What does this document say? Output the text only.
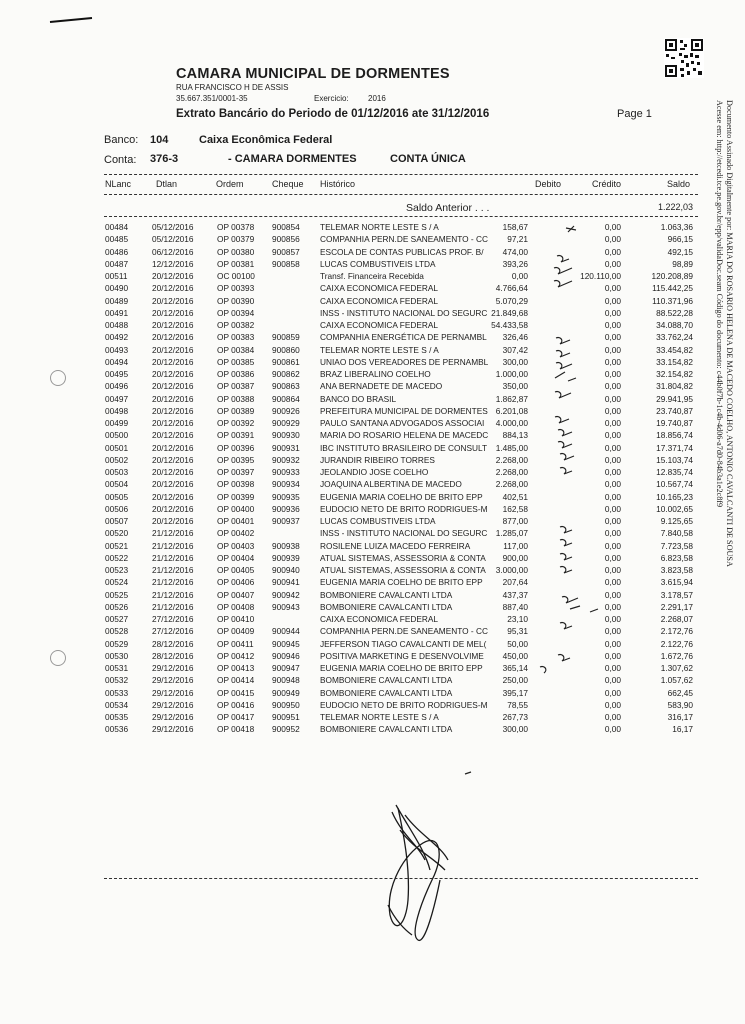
Documento Assinado Digitalmente por: MARIA DO ROSARIO HELENA DE MACEDO COELHO, ANTONIO CAVALCANTI DE SOUSA
Acesse em: http://etcedi.tce.pe.gov.br/epp/validaDoc.seam Código do documento: c44b0f7b-1c4b-4d06-a7d0-84b3a1e2c8f9
CAMARA MUNICIPAL DE DORMENTES
RUA FRANCISCO H DE ASSIS
35.667.351/0001-35	Exercicio: 2016
Extrato Bancário do Periodo de 01/12/2016 ate 31/12/2016	Page 1
Banco: 104	Caixa Econômica Federal
Conta: 376-3	- CAMARA DORMENTES	CONTA ÚNICA
NLanc	Dtlan	Ordem	Cheque Histórico	Debito	Crédito	Saldo
Saldo Anterior . . .	1.222,03
00484	05/12/2016	OP 00378 900854 TELEMAR NORTE LESTE S / A	158,67	0,00	1.063,36
00485	05/12/2016	OP 00379 900856 COMPANHIA PERN.DE SANEAMENTO - CC	97,21	0,00	966,15
00486	06/12/2016	OP 00380 900857 ESCOLA DE CONTAS PUBLICAS PROF. B/	474,00	0,00	492,15
00487	12/12/2016	OP 00381 900858 LUCAS COMBUSTIVEIS LTDA	393,26	0,00	98,89
00511	20/12/2016	OC 00100	Transf. Financeira Recebida	0,00	120.110,00	120.208,89
00490	20/12/2016	OP 00393	CAIXA ECONOMICA FEDERAL	4.766,64	0,00	115.442,25
00489	20/12/2016	OP 00390	CAIXA ECONOMICA FEDERAL	5.070,29	0,00	110.371,96
00491	20/12/2016	OP 00394	INSS - INSTITUTO NACIONAL DO SEGURC 21.849,68	0,00	88.522,28
00488	20/12/2016	OP 00382	CAIXA ECONOMICA FEDERAL	54.433,58	0,00	34.088,70
00492	20/12/2016	OP 00383 900859 COMPANHIA ENERGÉTICA DE PERNAMBL	326,46	0,00	33.762,24
00493	20/12/2016	OP 00384 900860 TELEMAR NORTE LESTE S / A	307,42	0,00	33.454,82
00494	20/12/2016	OP 00385 900861 UNIAO DOS VEREADORES DE PERNAMBL	300,00	0,00	33.154,82
00495	20/12/2016	OP 00386 900862 BRAZ LIBERALINO COELHO	1.000,00	0,00	32.154,82
00496	20/12/2016	OP 00387 900863 ANA BERNADETE DE MACEDO	350,00	0,00	31.804,82
00497	20/12/2016	OP 00388 900864 BANCO DO BRASIL	1.862,87	0,00	29.941,95
00498	20/12/2016	OP 00389 900926 PREFEITURA MUNICIPAL DE DORMENTES 6.201,08	0,00	23.740,87
00499	20/12/2016	OP 00392 900929 PAULO SANTANA ADVOGADOS ASSOCIAI	4.000,00	0,00	19.740,87
00500	20/12/2016	OP 00391 900930 MARIA DO ROSARIO HELENA DE MACEDC	884,13	0,00	18.856,74
00501	20/12/2016	OP 00396 900931 IBC INSTITUTO BRASILEIRO DE CONSULT	1.485,00	0,00	17.371,74
00502	20/12/2016	OP 00395 900932 JURANDIR RIBEIRO TORRES	2.268,00	0,00	15.103,74
00503	20/12/2016	OP 00397 900933 JEOLANDIO JOSE COELHO	2.268,00	0,00	12.835,74
00504	20/12/2016	OP 00398 900934 JOAQUINA ALBERTINA DE MACEDO	2.268,00	0,00	10.567,74
00505	20/12/2016	OP 00399 900935 EUGENIA MARIA COELHO DE BRITO EPP	402,51	0,00	10.165,23
00506	20/12/2016	OP 00400 900936 EUDOCIO NETO DE BRITO RODRIGUES-M	162,58	0,00	10.002,65
00507	20/12/2016	OP 00401 900937 LUCAS COMBUSTIVEIS LTDA	877,00	0,00	9.125,65
00520	21/12/2016	OP 00402	INSS - INSTITUTO NACIONAL DO SEGURC	1.285,07	0,00	7.840,58
00521	21/12/2016	OP 00403 900938 ROSILENE LUIZA MACEDO FERREIRA	117,00	0,00	7.723,58
00522	21/12/2016	OP 00404 900939 ATUAL SISTEMAS, ASSESSORIA & CONTA	900,00	0,00	6.823,58
00523	21/12/2016	OP 00405 900940 ATUAL SISTEMAS, ASSESSORIA & CONTA	3.000,00	0,00	3.823,58
00524	21/12/2016	OP 00406 900941 EUGENIA MARIA COELHO DE BRITO EPP	207,64	0,00	3.615,94
00525	21/12/2016	OP 00407 900942 BOMBONIERE CAVALCANTI LTDA	437,37	0,00	3.178,57
00526	21/12/2016	OP 00408 900943 BOMBONIERE CAVALCANTI LTDA	887,40	0,00	2.291,17
00527	27/12/2016	OP 00410	CAIXA ECONOMICA FEDERAL	23,10	0,00	2.268,07
00528	27/12/2016	OP 00409 900944 COMPANHIA PERN.DE SANEAMENTO - CC	95,31	0,00	2.172,76
00529	28/12/2016	OP 00411 900945 JEFFERSON TIAGO CAVALCANTI DE MEL(	50,00	0,00	2.122,76
00530	28/12/2016	OP 00412 900946 POSITIVA MARKETING E DESENVOLVIME	450,00	0,00	1.672,76
00531	29/12/2016	OP 00413 900947 EUGENIA MARIA COELHO DE BRITO EPP	365,14	0,00	1.307,62
00532	29/12/2016	OP 00414 900948 BOMBONIERE CAVALCANTI LTDA	250,00	0,00	1.057,62
00533	29/12/2016	OP 00415 900949 BOMBONIERE CAVALCANTI LTDA	395,17	0,00	662,45
00534	29/12/2016	OP 00416 900950 EUDOCIO NETO DE BRITO RODRIGUES-M	78,55	0,00	583,90
00535	29/12/2016	OP 00417 900951 TELEMAR NORTE LESTE S / A	267,73	0,00	316,17
00536	29/12/2016	OP 00418 900952 BOMBONIERE CAVALCANTI LTDA	300,00	0,00	16,17
